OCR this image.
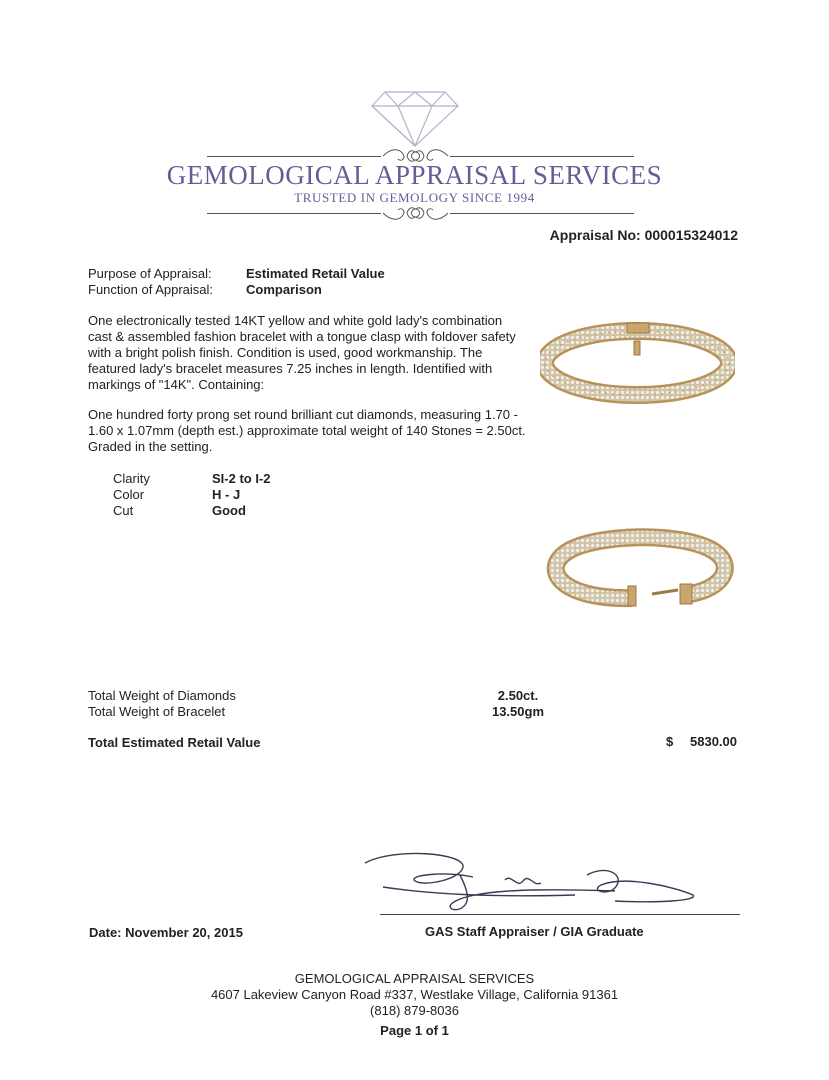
GEMOLOGICAL APPRAISAL SERVICES
TRUSTED IN GEMOLOGY SINCE 1994
Appraisal No: 000015324012
Purpose of Appraisal:	Estimated Retail Value
Function of Appraisal:	Comparison
One electronically tested 14KT yellow and white gold lady's combination cast & assembled fashion bracelet with a tongue clasp with foldover safety with a bright polish finish. Condition is used, good workmanship. The featured lady's bracelet measures 7.25 inches in length. Identified with markings of "14K". Containing:
One hundred forty prong set round brilliant cut diamonds, measuring 1.70 - 1.60 x 1.07mm (depth est.) approximate total weight of 140 Stones = 2.50ct. Graded in the setting.
Clarity	SI-2 to I-2
Color	H - J
Cut	Good
Total Weight of Diamonds	2.50ct.
Total Weight of Bracelet	13.50gm
Total Estimated Retail Value	$ 5830.00
Date: November 20, 2015	GAS Staff Appraiser / GIA Graduate
GEMOLOGICAL APPRAISAL SERVICES
4607 Lakeview Canyon Road #337, Westlake Village, California 91361
(818) 879-8036
Page 1 of 1
